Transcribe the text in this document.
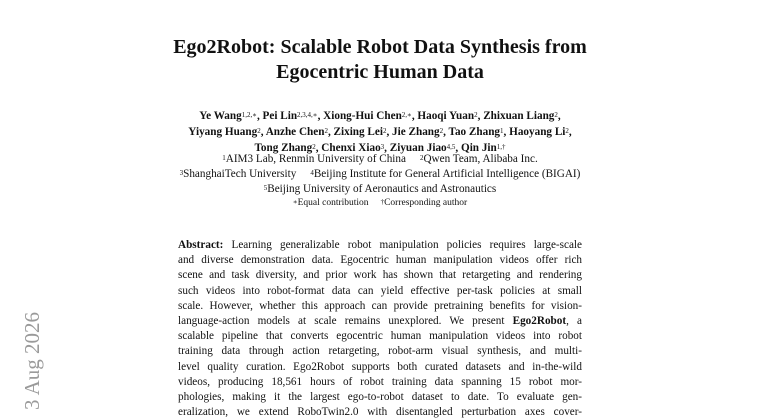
Ego2Robot: Scalable Robot Data Synthesis from
Egocentric Human Data
Ye Wang$^{1,2,∗}$, Pei Lin$^{2,3,4,∗}$, Xiong-Hui Chen$^{2,∗}$, Haoqi Yuan$^2$, Zhixuan Liang$^2$,
Yiyang Huang$^2$, Anzhe Chen$^2$, Zixing Lei$^2$, Jie Zhang$^2$, Tao Zhang$^1$, Haoyang Li$^2$,
Tong Zhang$^2$, Chenxi Xiao$^3$, Ziyuan Jiao$^{4,5}$, Qin Jin$^{1,\dagger}$
$^1$AIM3 Lab, Renmin University of China $^2$Qwen Team, Alibaba Inc.
$^3$ShanghaiTech University $^4$Beijing Institute for General Artificial Intelligence (BIGAI)
$^5$Beijing University of Aeronautics and Astronautics
∗Equal contribution †Corresponding author
Abstract: Learning generalizable robot manipulation policies requires large-scale
and diverse demonstration data. Egocentric human manipulation videos offer rich
scene and task diversity, and prior work has shown that retargeting and rendering
such videos into robot-format data can yield effective per-task policies at small
scale. However, whether this approach can provide pretraining benefits for vision-
language-action models at scale remains unexplored. We present Ego2Robot, a
scalable pipeline that converts egocentric human manipulation videos into robot
training data through action retargeting, robot-arm visual synthesis, and multi-
level quality curation. Ego2Robot supports both curated datasets and in-the-wild
videos, producing 18,561 hours of robot training data spanning 15 robot mor-
phologies, making it the largest ego-to-robot dataset to date. To evaluate gen-
eralization, we extend RoboTwin2.0 with disentangled perturbation axes cover-
3 Aug 2026
